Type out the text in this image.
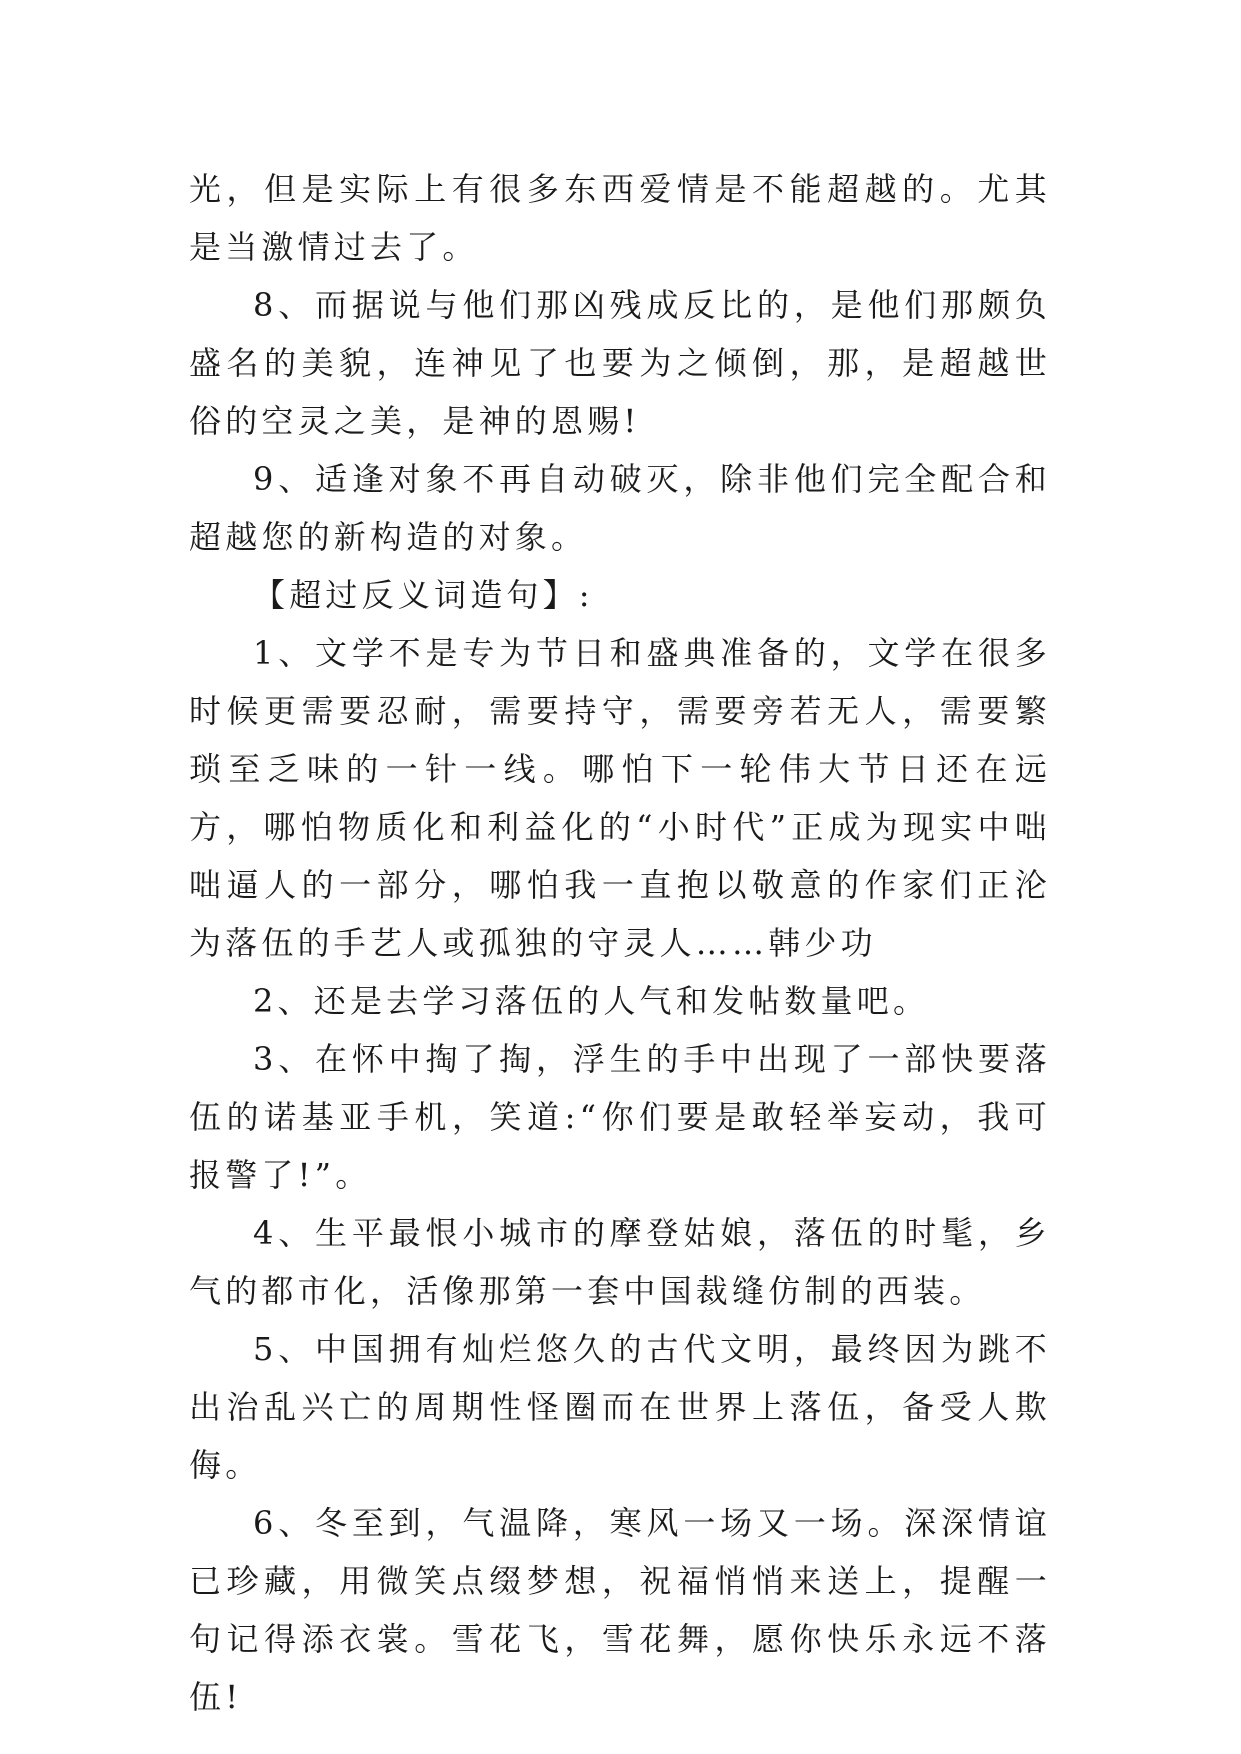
光，但是实际上有很多东西爱情是不能超越的。尤其是当激情过去了。

8、而据说与他们那凶残成反比的，是他们那颇负盛名的美貌，连神见了也要为之倾倒，那，是超越世俗的空灵之美，是神的恩赐!

9、适逢对象不再自动破灭，除非他们完全配合和超越您的新构造的对象。

【超过反义词造句】:

1、文学不是专为节日和盛典准备的，文学在很多时候更需要忍耐，需要持守，需要旁若无人，需要繁琐至乏味的一针一线。哪怕下一轮伟大节日还在远方，哪怕物质化和利益化的“小时代”正成为现实中咄咄逼人的一部分，哪怕我一直抱以敬意的作家们正沦为落伍的手艺人或孤独的守灵人……韩少功

2、还是去学习落伍的人气和发帖数量吧。

3、在怀中掏了掏，浮生的手中出现了一部快要落伍的诺基亚手机，笑道:“你们要是敢轻举妄动，我可报警了!”。

4、生平最恨小城市的摩登姑娘，落伍的时髦，乡气的都市化，活像那第一套中国裁缝仿制的西装。

5、中国拥有灿烂悠久的古代文明，最终因为跳不出治乱兴亡的周期性怪圈而在世界上落伍，备受人欺侮。

6、冬至到，气温降，寒风一场又一场。深深情谊已珍藏，用微笑点缀梦想，祝福悄悄来送上，提醒一句记得添衣裳。雪花飞，雪花舞，愿你快乐永远不落伍!
